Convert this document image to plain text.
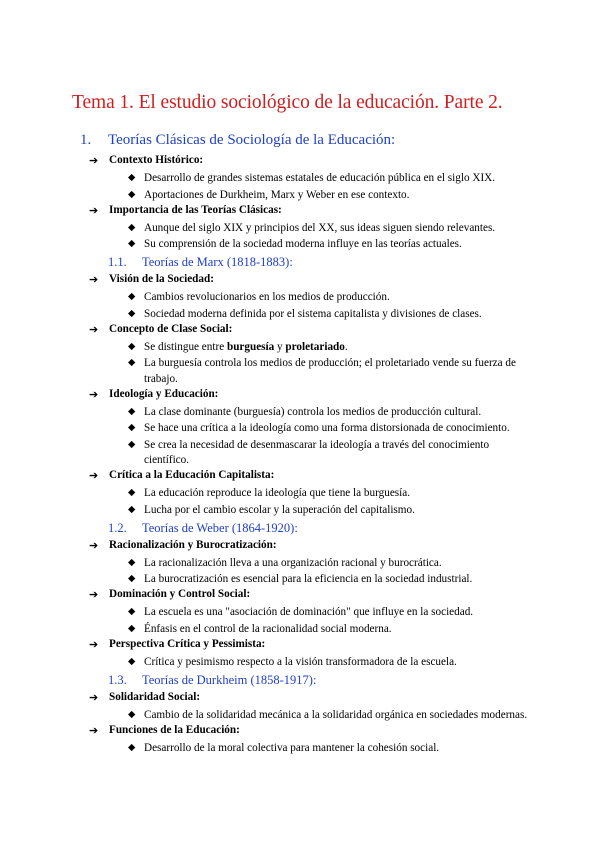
Tema 1. El estudio sociológico de la educación. Parte 2.
1. Teorías Clásicas de Sociología de la Educación:
➔ Contexto Histórico:
◆ Desarrollo de grandes sistemas estatales de educación pública en el siglo XIX.
◆ Aportaciones de Durkheim, Marx y Weber en ese contexto.
➔ Importancia de las Teorías Clásicas:
◆ Aunque del siglo XIX y principios del XX, sus ideas siguen siendo relevantes.
◆ Su comprensión de la sociedad moderna influye en las teorías actuales.
1.1. Teorías de Marx (1818-1883):
➔ Visión de la Sociedad:
◆ Cambios revolucionarios en los medios de producción.
◆ Sociedad moderna definida por el sistema capitalista y divisiones de clases.
➔ Concepto de Clase Social:
◆ Se distingue entre burguesía y proletariado.
◆ La burguesía controla los medios de producción; el proletariado vende su fuerza de trabajo.
➔ Ideología y Educación:
◆ La clase dominante (burguesía) controla los medios de producción cultural.
◆ Se hace una crítica a la ideología como una forma distorsionada de conocimiento.
◆ Se crea la necesidad de desenmascarar la ideología a través del conocimiento científico.
➔ Crítica a la Educación Capitalista:
◆ La educación reproduce la ideología que tiene la burguesía.
◆ Lucha por el cambio escolar y la superación del capitalismo.
1.2. Teorías de Weber (1864-1920):
➔ Racionalización y Burocratización:
◆ La racionalización lleva a una organización racional y burocrática.
◆ La burocratización es esencial para la eficiencia en la sociedad industrial.
➔ Dominación y Control Social:
◆ La escuela es una "asociación de dominación" que influye en la sociedad.
◆ Énfasis en el control de la racionalidad social moderna.
➔ Perspectiva Crítica y Pessimista:
◆ Crítica y pesimismo respecto a la visión transformadora de la escuela.
1.3. Teorías de Durkheim (1858-1917):
➔ Solidaridad Social:
◆ Cambio de la solidaridad mecánica a la solidaridad orgánica en sociedades modernas.
➔ Funciones de la Educación:
◆ Desarrollo de la moral colectiva para mantener la cohesión social.
